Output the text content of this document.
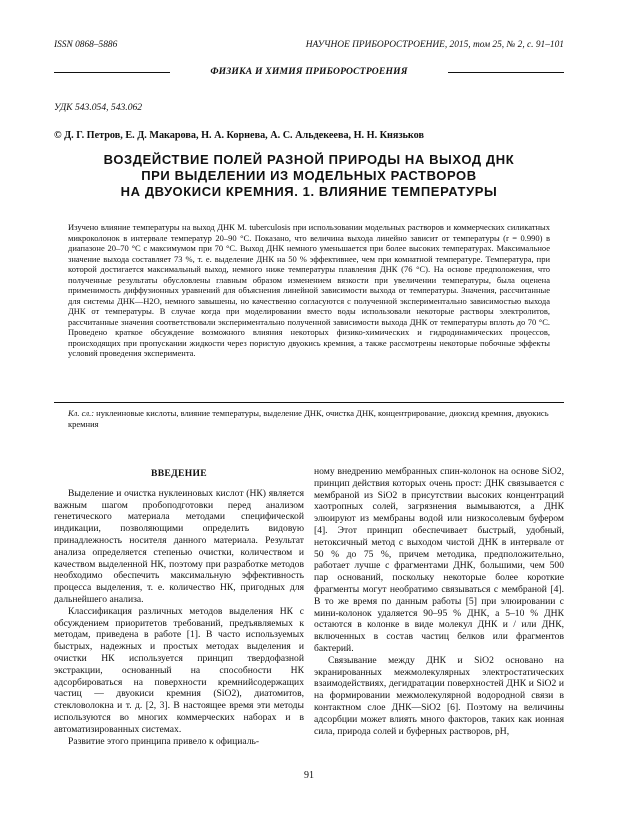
ISSN 0868–5886	НАУЧНОЕ ПРИБОРОСТРОЕНИЕ, 2015, том 25, № 2, с. 91–101
ФИЗИКА И ХИМИЯ ПРИБОРОСТРОЕНИЯ
УДК 543.054, 543.062
© Д. Г. Петров, Е. Д. Макарова, Н. А. Корнева, А. С. Альдекеева, Н. Н. Князьков
ВОЗДЕЙСТВИЕ ПОЛЕЙ РАЗНОЙ ПРИРОДЫ НА ВЫХОД ДНК
ПРИ ВЫДЕЛЕНИИ ИЗ МОДЕЛЬНЫХ РАСТВОРОВ
НА ДВУОКИСИ КРЕМНИЯ. 1. ВЛИЯНИЕ ТЕМПЕРАТУРЫ
Изучено влияние температуры на выход ДНК M. tuberculosis при использовании модельных растворов и коммерческих силикатных микроколонок в интервале температур 20–90 °С. Показано, что величина выхода линейно зависит от температуры (r = 0.990) в диапазоне 20–70 °С с максимумом при 70 °С. Выход ДНК немного уменьшается при более высоких температурах. Максимальное значение выхода составляет 73 %, т. е. выделение ДНК на 50 % эффективнее, чем при комнатной температуре. Температура, при которой достигается максимальный выход, немного ниже температуры плавления ДНК (76 °С). На основе предположения, что полученные результаты обусловлены главным образом изменением вязкости при увеличении температуры, была оценена применимость диффузионных уравнений для объяснения линейной зависимости выхода от температуры. Значения, рассчитанные для системы ДНК—H2O, немного завышены, но качественно согласуются с полученной экспериментально зависимостью выхода ДНК от температуры. В случае когда при моделировании вместо воды использовали некоторые растворы электролитов, рассчитанные значения соответствовали экспериментально полученной зависимости выхода ДНК от температуры вплоть до 70 °С. Проведено краткое обсуждение возможного влияния некоторых физико-химических и гидродинамических процессов, происходящих при пропускании жидкости через пористую двуокись кремния, а также рассмотрены некоторые побочные эффекты условий проведения эксперимента.
Кл. сл.: нуклеиновые кислоты, влияние температуры, выделение ДНК, очистка ДНК, концентрирование, диоксид кремния, двуокись кремния
ВВЕДЕНИЕ

Выделение и очистка нуклеиновых кислот (НК) является важным шагом пробоподготовки перед анализом генетического материала методами специфической индикации, позволяющими определить видовую принадлежность носителя данного материала. Результат анализа определяется степенью очистки, количеством и качеством выделенной НК, поэтому при разработке методов необходимо обеспечить максимальную эффективность процесса выделения, т. е. количество НК, пригодных для дальнейшего анализа.

Классификация различных методов выделения НК с обсуждением приоритетов требований, предъявляемых к методам, приведена в работе [1]. В часто используемых быстрых, надежных и простых методах выделения и очистки НК используется принцип твердофазной экстракции, основанный на способности НК адсорбироваться на поверхности кремнийсодержащих частиц — двуокиси кремния (SiO2), диатомитов, стекловолокна и т. д. [2, 3]. В настоящее время эти методы используются во многих коммерческих наборах и в автоматизированных системах.

Развитие этого принципа привело к официаль-

ному внедрению мембранных спин-колонок на основе SiO2, принцип действия которых очень прост: ДНК связывается с мембраной из SiO2 в присутствии высоких концентраций хаотропных солей, загрязнения вымываются, а ДНК элюируют из мембраны водой или низкосолевым буфером [4]. Этот принцип обеспечивает быстрый, удобный, нетоксичный метод с выходом чистой ДНК в интервале от 50 % до 75 %, причем методика, предположительно, работает лучше с фрагментами ДНК, большими, чем 500 пар оснований, поскольку некоторые более короткие фрагменты могут необратимо связываться с мембраной [4]. В то же время по данным работы [5] при элюировании с мини-колонок удаляется 90–95 % ДНК, а 5–10 % ДНК остаются в колонке в виде молекул ДНК и / или ДНК, включенных в состав частиц белков или фрагментов бактерий.

Связывание между ДНК и SiO2 основано на экранированных межмолекулярных электростатических взаимодействиях, дегидратации поверхностей ДНК и SiO2 и на формировании межмолекулярной водородной связи в контактном слое ДНК—SiO2 [6]. Поэтому на величины адсорбции может влиять много факторов, таких как ионная сила, природа солей и буферных растворов, pH,

91
